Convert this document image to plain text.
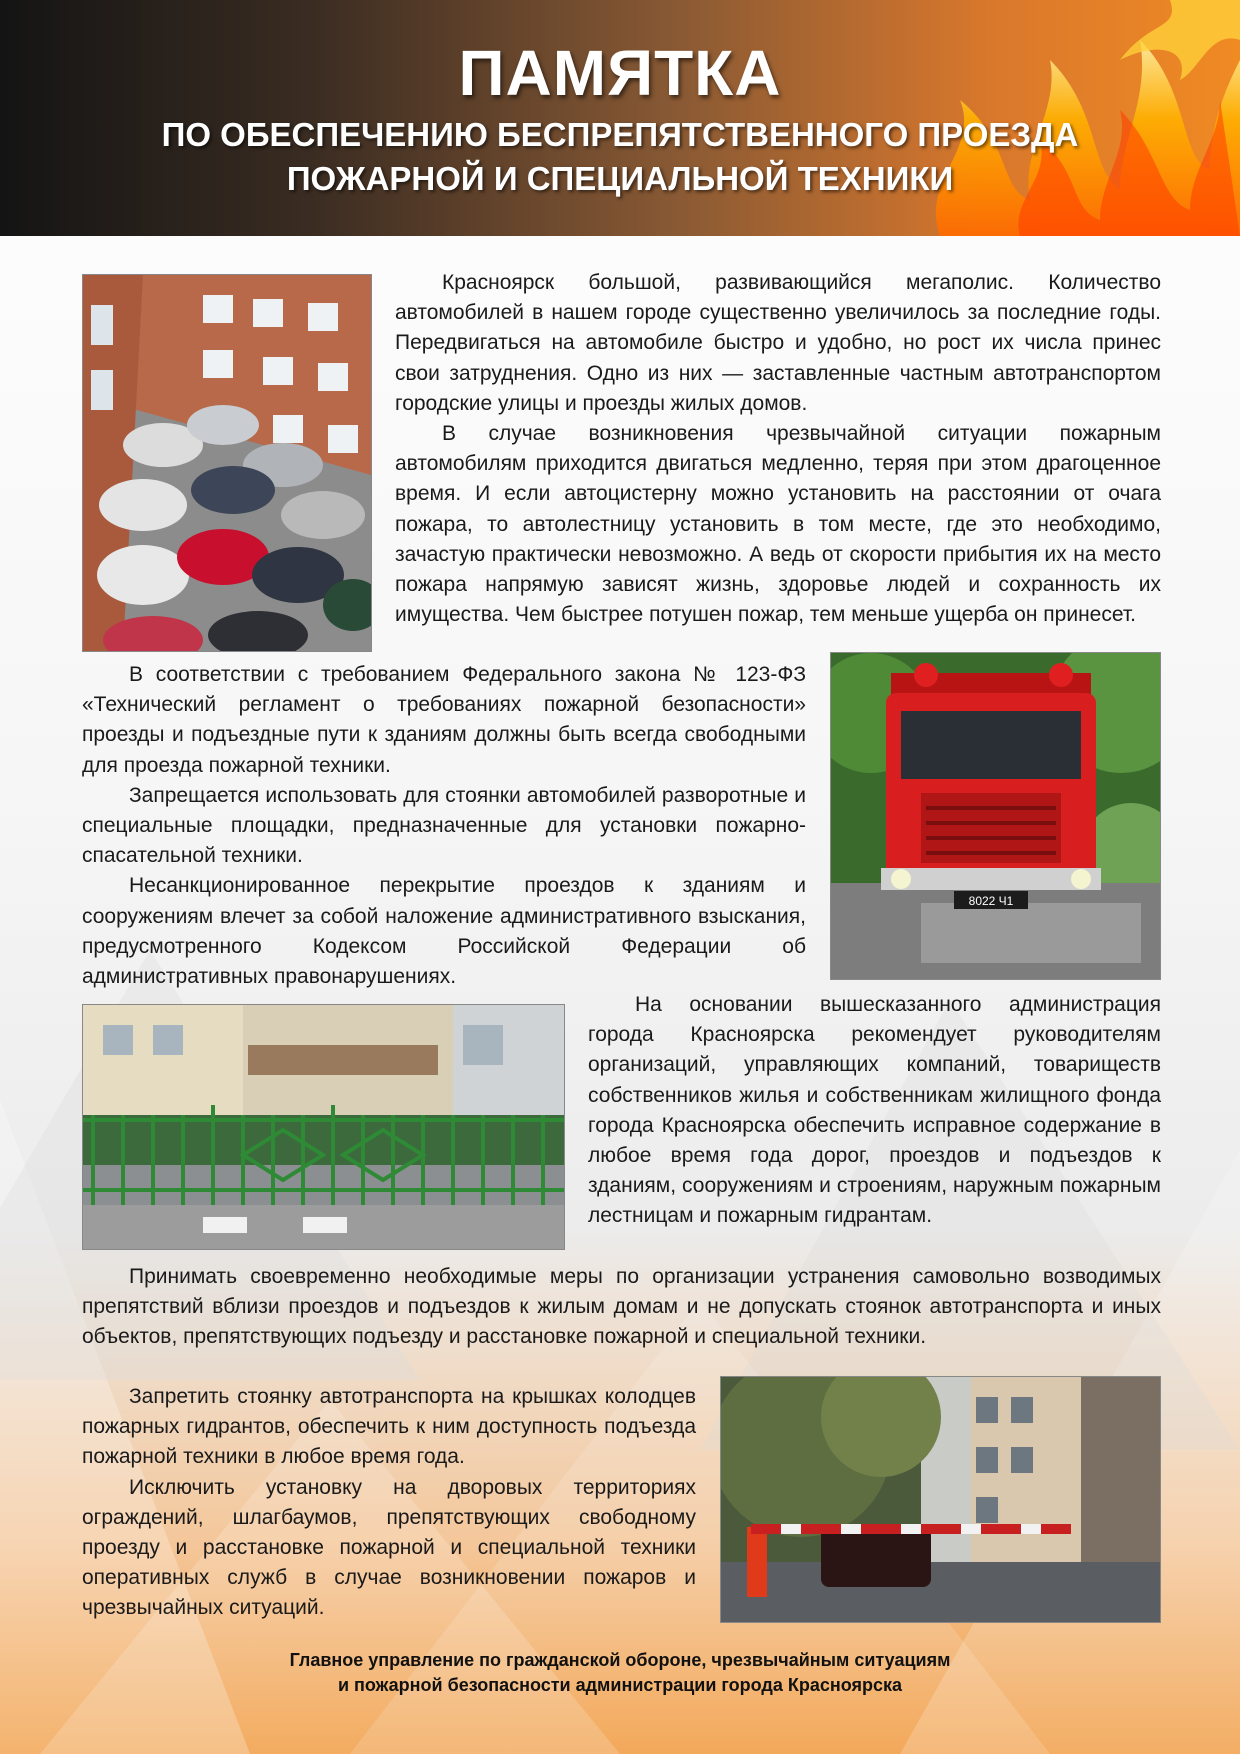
ПАМЯТКА
ПО ОБЕСПЕЧЕНИЮ БЕСПРЕПЯТСТВЕННОГО ПРОЕЗДА
ПОЖАРНОЙ И СПЕЦИАЛЬНОЙ ТЕХНИКИ
8022 Ч1

Красноярск большой, развивающийся мегаполис. Количество автомобилей в нашем городе существенно увеличилось за последние годы. Передвигаться на автомобиле быстро и удобно, но рост их числа принес свои затруднения. Одно из них — заставленные частным автотранспортом городские улицы и проезды жилых домов.

В случае возникновения чрезвычайной ситуации пожарным автомобилям приходится двигаться медленно, теряя при этом драгоценное время. И если автоцистерну можно установить на расстоянии от очага пожара, то автолестницу установить в том месте, где это необходимо, зачастую практически невозможно. А ведь от скорости прибытия их на место пожара напрямую зависят жизнь, здоровье людей и сохранность их имущества. Чем быстрее потушен пожар, тем меньше ущерба он принесет.

В соответствии с требованием Федерального закона № 123-ФЗ «Технический регламент о требованиях пожарной безопасности» проезды и подъездные пути к зданиям должны быть всегда свободными для проезда пожарной техники.

Запрещается использовать для стоянки автомобилей разворотные и специальные площадки, предназначенные для установки пожарно-спасательной техники.

Несанкционированное перекрытие проездов к зданиям и сооружениям влечет за собой наложение административного взыскания, предусмотренного Кодексом Российской Федерации об административных правонарушениях.

На основании вышесказанного администрация города Красноярска рекомендует руководителям организаций, управляющих компаний, товариществ собственников жилья и собственникам жилищного фонда города Красноярска обеспечить исправное содержание в любое время года дорог, проездов и подъездов к зданиям, сооружениям и строениям, наружным пожарным лестницам и пожарным гидрантам.

Принимать своевременно необходимые меры по организации устранения самовольно возводимых препятствий вблизи проездов и подъездов к жилым домам и не допускать стоянок автотранспорта и иных объектов, препятствующих подъезду и расстановке пожарной и специальной техники.

Запретить стоянку автотранспорта на крышках колодцев пожарных гидрантов, обеспечить к ним доступность подъезда пожарной техники в любое время года.

Исключить установку на дворовых территориях ограждений, шлагбаумов, препятствующих свободному проезду и расстановке пожарной и специальной техники оперативных служб в случае возникновении пожаров и чрезвычайных ситуаций.

Главное управление по гражданской обороне, чрезвычайным ситуациям
и пожарной безопасности администрации города Красноярска
